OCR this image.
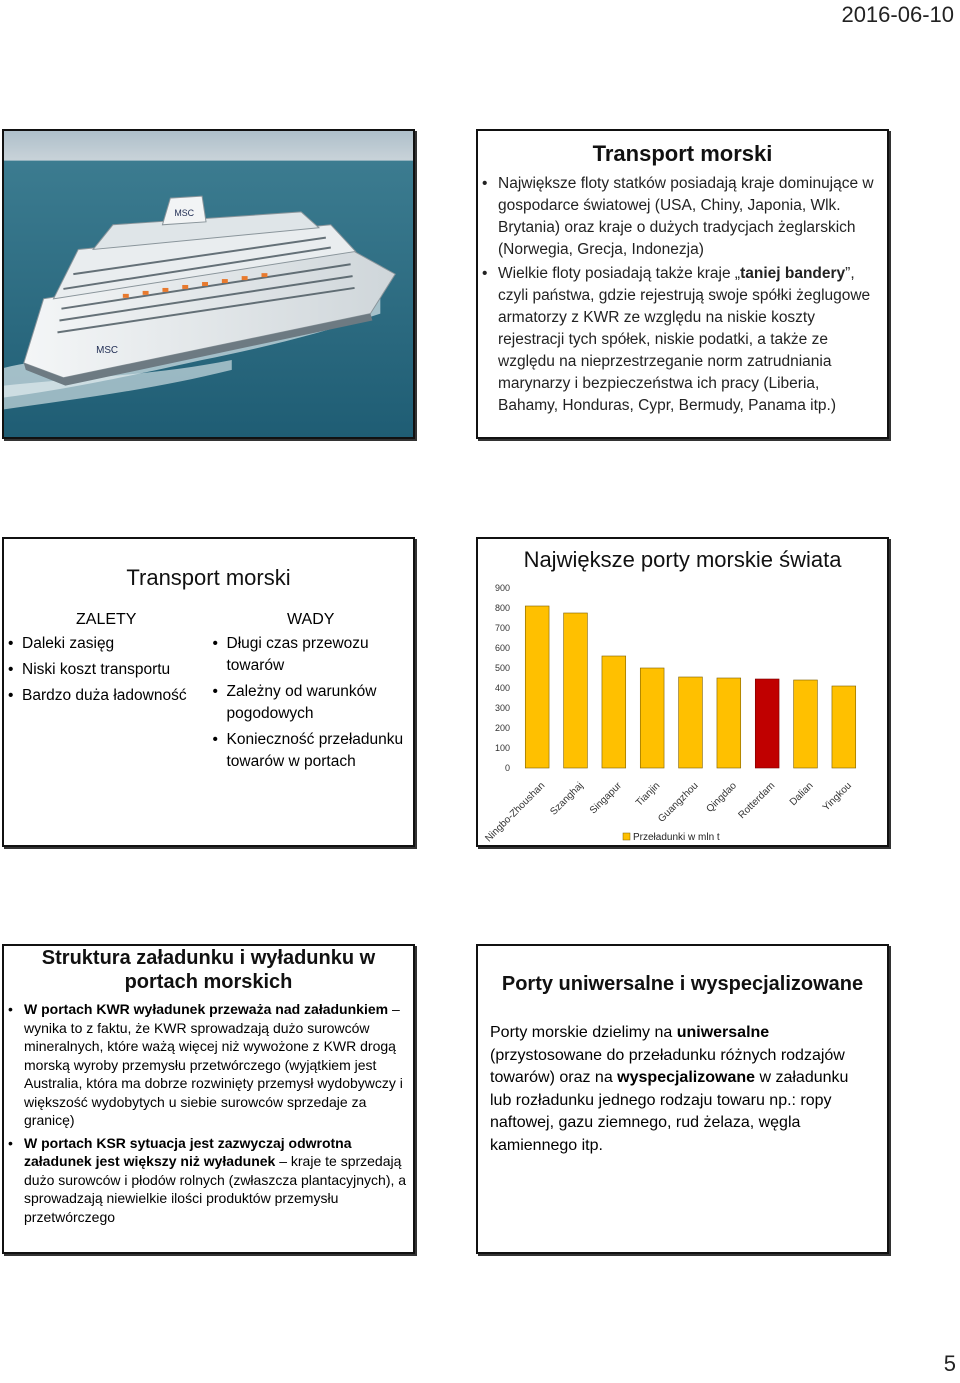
2016-06-10
MSC
MSC
Transport morski
• Największe floty statków posiadają kraje dominujące w gospodarce światowej (USA, Chiny, Japonia, Wlk. Brytania) oraz kraje o dużych tradycjach żeglarskich (Norwegia, Grecja, Indonezja)
• Wielkie floty posiadają także kraje „taniej bandery”, czyli państwa, gdzie rejestrują swoje spółki żeglugowe armatorzy z KWR ze względu na niskie koszty rejestracji tych spółek, niskie podatki, a także ze względu na nieprzestrzeganie norm zatrudniania marynarzy i bezpieczeństwa ich pracy (Liberia, Bahamy, Honduras, Cypr, Bermudy, Panama itp.)
Transport morski
ZALETY
• Daleki zasięg
• Niski koszt transportu
• Bardzo duża ładowność
WADY
• Długi czas przewozu towarów
• Zależny od warunków pogodowych
• Konieczność przeładunku towarów w portach
Największe porty morskie świata
0
100
200
300
400
500
600
700
800
900
Ningbo-Zhoushan Szanghaj Singapur Tianjin
Guangzhou Qingdao
Rotterdam Dalian Yingkou
Przeładunki w mln t
Struktura załadunku i wyładunku w portach morskich
• W portach KWR wyładunek przeważa nad załadunkiem – wynika to z faktu, że KWR sprowadzają dużo surowców mineralnych, które ważą więcej niż wywożone z KWR drogą morską wyroby przemysłu przetwórczego (wyjątkiem jest Australia, która ma dobrze rozwinięty przemysł wydobywczy i większość wydobytych u siebie surowców sprzedaje za granicę)
• W portach KSR sytuacja jest zazwyczaj odwrotna załadunek jest większy niż wyładunek – kraje te sprzedają dużo surowców i płodów rolnych (zwłaszcza plantacyjnych), a sprowadzają niewielkie ilości produktów przemysłu przetwórczego
Porty uniwersalne i wyspecjalizowane

Porty morskie dzielimy na uniwersalne (przystosowane do przeładunku różnych rodzajów towarów) oraz na wyspecjalizowane w załadunku lub rozładunku jednego rodzaju towaru np.: ropy naftowej, gazu ziemnego, rud żelaza, węgla kamiennego itp.

5
